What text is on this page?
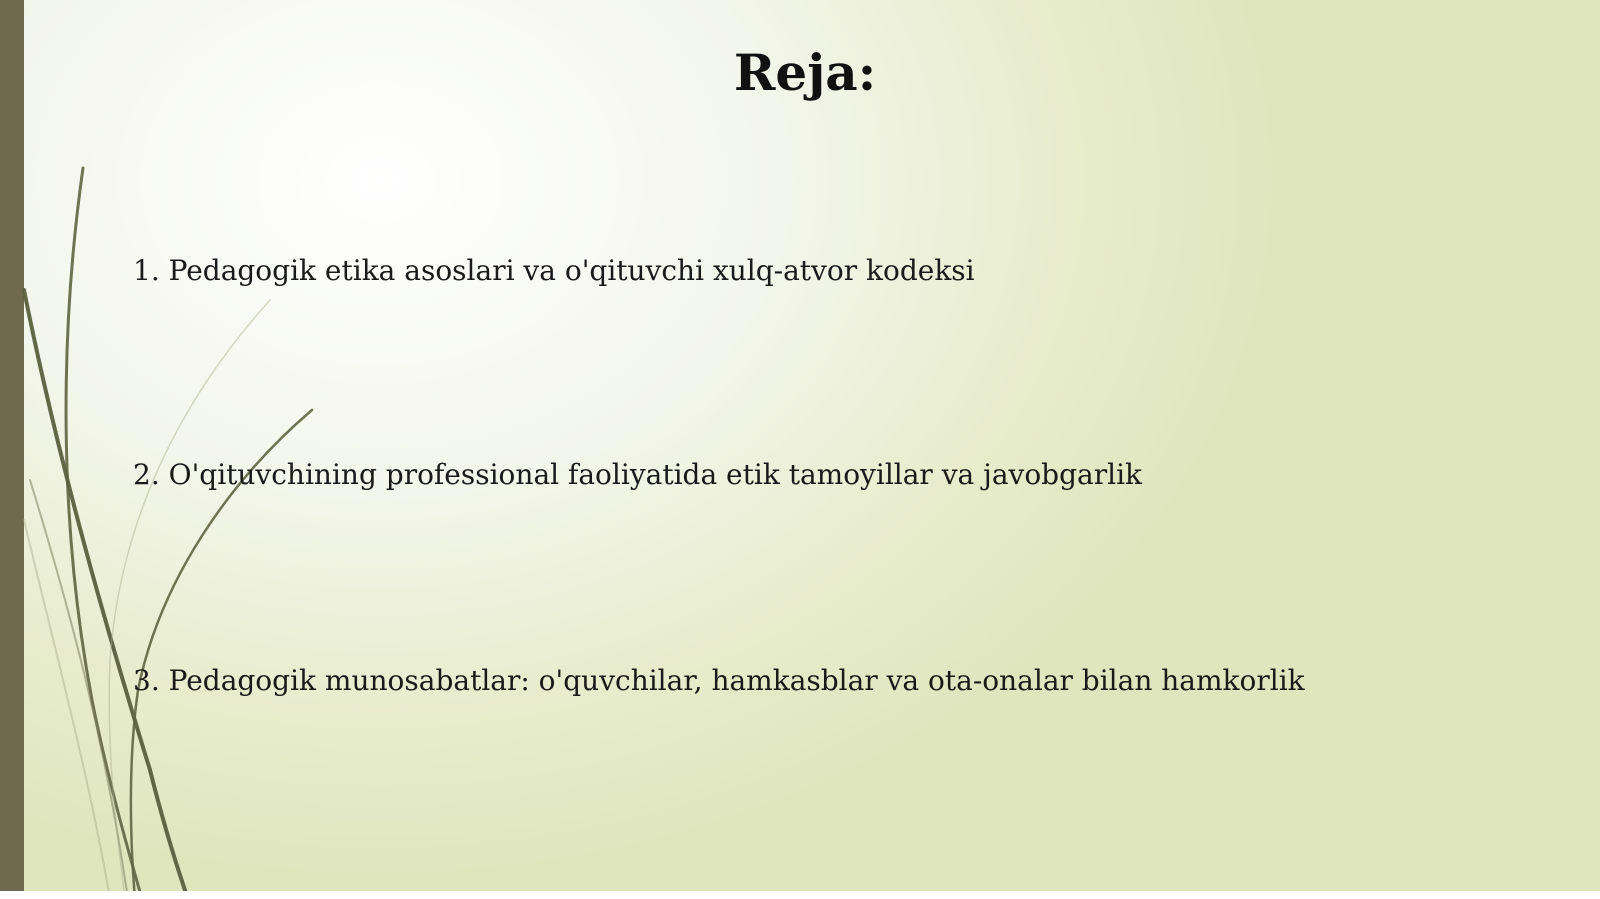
Reja:

1. Pedagogik etika asoslari va o'qituvchi xulq-atvor kodeksi

2. O'qituvchining professional faoliyatida etik tamoyillar va javobgarlik

3. Pedagogik munosabatlar: o'quvchilar, hamkasblar va ota-onalar bilan hamkorlik
